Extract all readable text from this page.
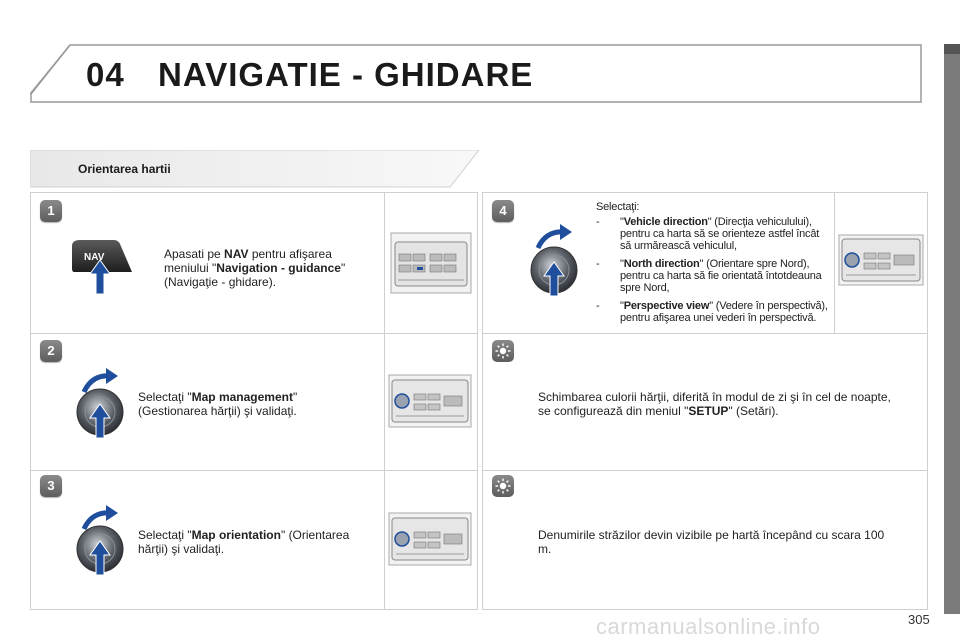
04 NAVIGATIE - GHIDARE
Orientarea hartii
1
NAV	Apasati pe NAV pentru afişarea meniului "Navigation - guidance" (Navigaţie - ghidare).
2
Selectaţi "Map management" (Gestionarea hărţii) şi validaţi.
3
Selectaţi "Map orientation" (Orientarea hărţii) şi validaţi.
4	Selectaţi:
- "Vehicle direction" (Direcţia vehiculului), pentru ca harta să se orienteze astfel încât să urmărească vehiculul,
- "North direction" (Orientare spre Nord), pentru ca harta să fie orientată întotdeauna spre Nord,
- "Perspective view" (Vedere în perspectivă), pentru afişarea unei vederi în perspectivă.
Schimbarea culorii hărţii, diferită în modul de zi şi în cel de noapte, se configurează din meniul "SETUP" (Setări).
Denumirile străzilor devin vizibile pe hartă începând cu scara 100 m.
carmanualsonline.info	305
